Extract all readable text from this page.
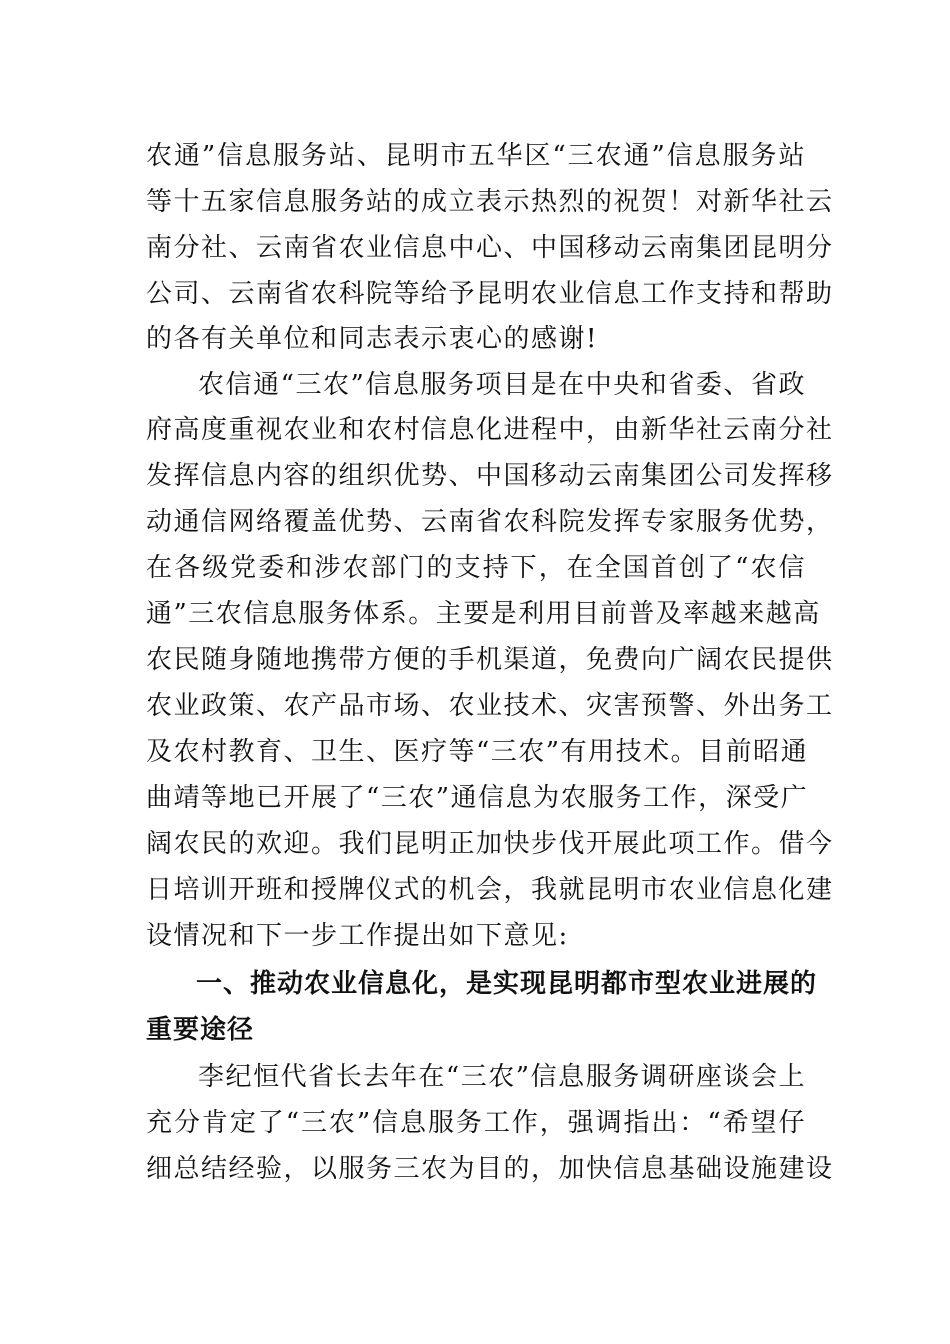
农通”信息服务站、昆明市五华区“三农通”信息服务站
等十五家信息服务站的成立表示热烈的祝贺！对新华社云
南分社、云南省农业信息中心、中国移动云南集团昆明分
公司、云南省农科院等给予昆明农业信息工作支持和帮助
的各有关单位和同志表示衷心的感谢!
农信通“三农”信息服务项目是在中央和省委、省政
府高度重视农业和农村信息化进程中，由新华社云南分社
发挥信息内容的组织优势、中国移动云南集团公司发挥移
动通信网络覆盖优势、云南省农科院发挥专家服务优势，
在各级党委和涉农部门的支持下，在全国首创了“农信
通”三农信息服务体系。主要是利用目前普及率越来越高
农民随身随地携带方便的手机渠道，免费向广阔农民提供
农业政策、农产品市场、农业技术、灾害预警、外出务工
及农村教育、卫生、医疗等“三农”有用技术。目前昭通
曲靖等地已开展了“三农”通信息为农服务工作，深受广
阔农民的欢迎。我们昆明正加快步伐开展此项工作。借今
日培训开班和授牌仪式的机会，我就昆明市农业信息化建
设情况和下一步工作提出如下意见:
一、推动农业信息化，是实现昆明都市型农业进展的
重要途径
李纪恒代省长去年在“三农”信息服务调研座谈会上
充分肯定了“三农”信息服务工作，强调指出：“希望仔
细总结经验，以服务三农为目的，加快信息基础设施建设
